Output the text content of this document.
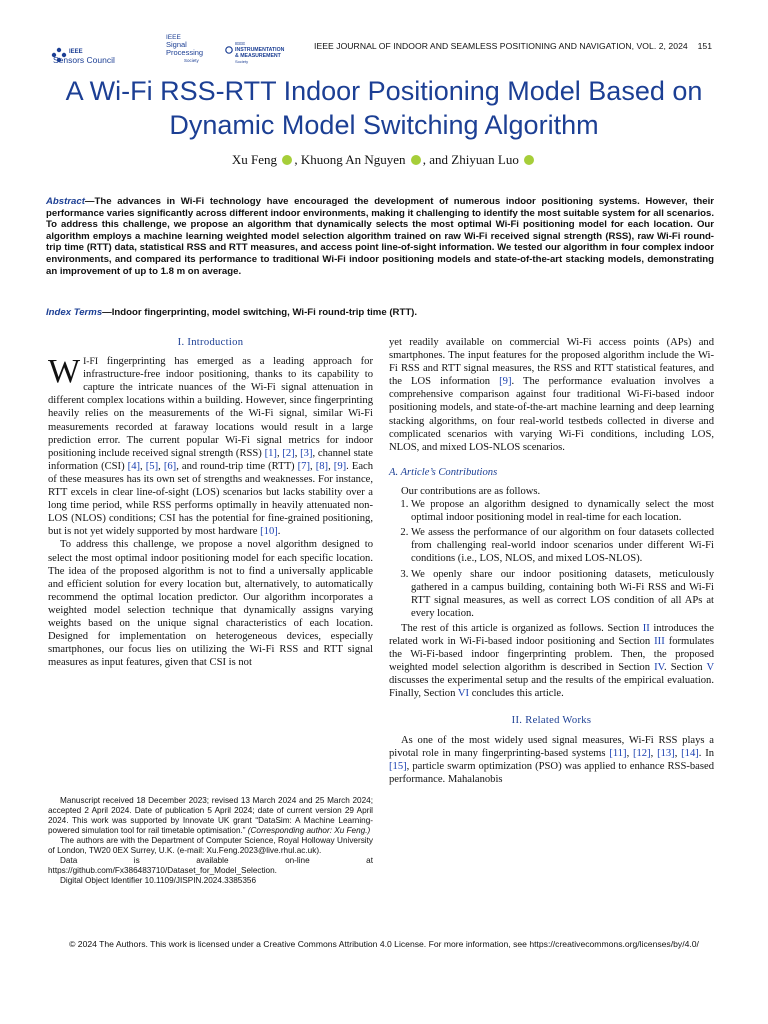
IEEE
Sensors Council
IEEE
Signal
Processing
Society
IEEE
INSTRUMENTATION
& MEASUREMENT
Society
IEEE JOURNAL OF INDOOR AND SEAMLESS POSITIONING AND NAVIGATION, VOL. 2, 2024 151
A Wi-Fi RSS-RTT Indoor Positioning Model Based on Dynamic Model Switching Algorithm
Xu Feng , Khuong An Nguyen , and Zhiyuan Luo

Abstract—The advances in Wi-Fi technology have encouraged the development of numerous indoor positioning systems. However, their performance varies significantly across different indoor environments, making it challenging to identify the most suitable system for all scenarios. To address this challenge, we propose an algorithm that dynamically selects the most optimal Wi-Fi positioning model for each location. Our algorithm employs a machine learning weighted model selection algorithm trained on raw Wi-Fi received signal strength (RSS), raw Wi-Fi round-trip time (RTT) data, statistical RSS and RTT measures, and access point line-of-sight information. We tested our algorithm in four complex indoor environments, and compared its performance to traditional Wi-Fi indoor positioning models and state-of-the-art stacking models, demonstrating an improvement of up to 1.8 m on average.

Index Terms—Indoor fingerprinting, model switching, Wi-Fi round-trip time (RTT).

I. Introduction

WI-FI fingerprinting has emerged as a leading approach for infrastructure-free indoor positioning, thanks to its capability to capture the intricate nuances of the Wi-Fi signal attenuation in different complex locations within a building. However, since fingerprinting heavily relies on the measurements of the Wi-Fi signal, similar Wi-Fi measurements recorded at faraway locations would result in a large prediction error. The current popular Wi-Fi signal metrics for indoor positioning include received signal strength (RSS) [1], [2], [3], channel state information (CSI) [4], [5], [6], and round-trip time (RTT) [7], [8], [9]. Each of these measures has its own set of strengths and weaknesses. For instance, RTT excels in clear line-of-sight (LOS) scenarios but lacks stability over a long time period, while RSS performs optimally in heavily attenuated non-LOS (NLOS) conditions; CSI has the potential for fine-grained positioning, but is not yet widely supported by most hardware [10].

To address this challenge, we propose a novel algorithm designed to select the most optimal indoor positioning model for each specific location. The idea of the proposed algorithm is not to find a universally applicable and efficient solution for every location but, alternatively, to automatically recommend the optimal location predictor. Our algorithm incorporates a weighted model selection technique that dynamically assigns varying weights based on the unique signal characteristics of each location. Designed for implementation on heterogeneous devices, especially smartphones, our focus lies on utilizing the Wi-Fi RSS and RTT signal measures as input features, given that CSI is not

Manuscript received 18 December 2023; revised 13 March 2024 and 25 March 2024; accepted 2 April 2024. Date of publication 5 April 2024; date of current version 29 April 2024. This work was supported by Innovate UK grant “DataSim: A Machine Learning-powered simulation tool for rail timetable optimisation.” (Corresponding author: Xu Feng.)

The authors are with the Department of Computer Science, Royal Holloway University of London, TW20 0EX Surrey, U.K. (e-mail: Xu.Feng.2023@live.rhul.ac.uk).

Data is available on-line at https://github.com/Fx386483710/Dataset_for_Model_Selection.

Digital Object Identifier 10.1109/JISPIN.2024.3385356

yet readily available on commercial Wi-Fi access points (APs) and smartphones. The input features for the proposed algorithm include the Wi-Fi RSS and RTT signal measures, the RSS and RTT statistical features, and the LOS information [9]. The performance evaluation involves a comprehensive comparison against four traditional Wi-Fi-based indoor positioning models, and state-of-the-art machine learning and deep learning stacking algorithms, on four real-world testbeds collected in diverse and complicated scenarios with varying Wi-Fi conditions, including LOS, NLOS, and mixed LOS-NLOS scenarios.

A. Article’s Contributions

Our contributions are as follows.

1. We propose an algorithm designed to dynamically select the most optimal indoor positioning model in real-time for each location.
2. We assess the performance of our algorithm on four datasets collected from challenging real-world indoor scenarios under different Wi-Fi conditions (i.e., LOS, NLOS, and mixed LOS-NLOS).
3. We openly share our indoor positioning datasets, meticulously gathered in a campus building, containing both Wi-Fi RSS and Wi-Fi RTT signal measures, as well as correct LOS condition of all APs at every location.

The rest of this article is organized as follows. Section II introduces the related work in Wi-Fi-based indoor positioning and Section III formulates the Wi-Fi-based indoor fingerprinting problem. Then, the proposed weighted model selection algorithm is described in Section IV. Section V discusses the experimental setup and the results of the empirical evaluation. Finally, Section VI concludes this article.

II. Related Works

As one of the most widely used signal measures, Wi-Fi RSS plays a pivotal role in many fingerprinting-based systems [11], [12], [13], [14]. In [15], particle swarm optimization (PSO) was applied to enhance RSS-based performance. Mahalanobis

© 2024 The Authors. This work is licensed under a Creative Commons Attribution 4.0 License. For more information, see https://creativecommons.org/licenses/by/4.0/
